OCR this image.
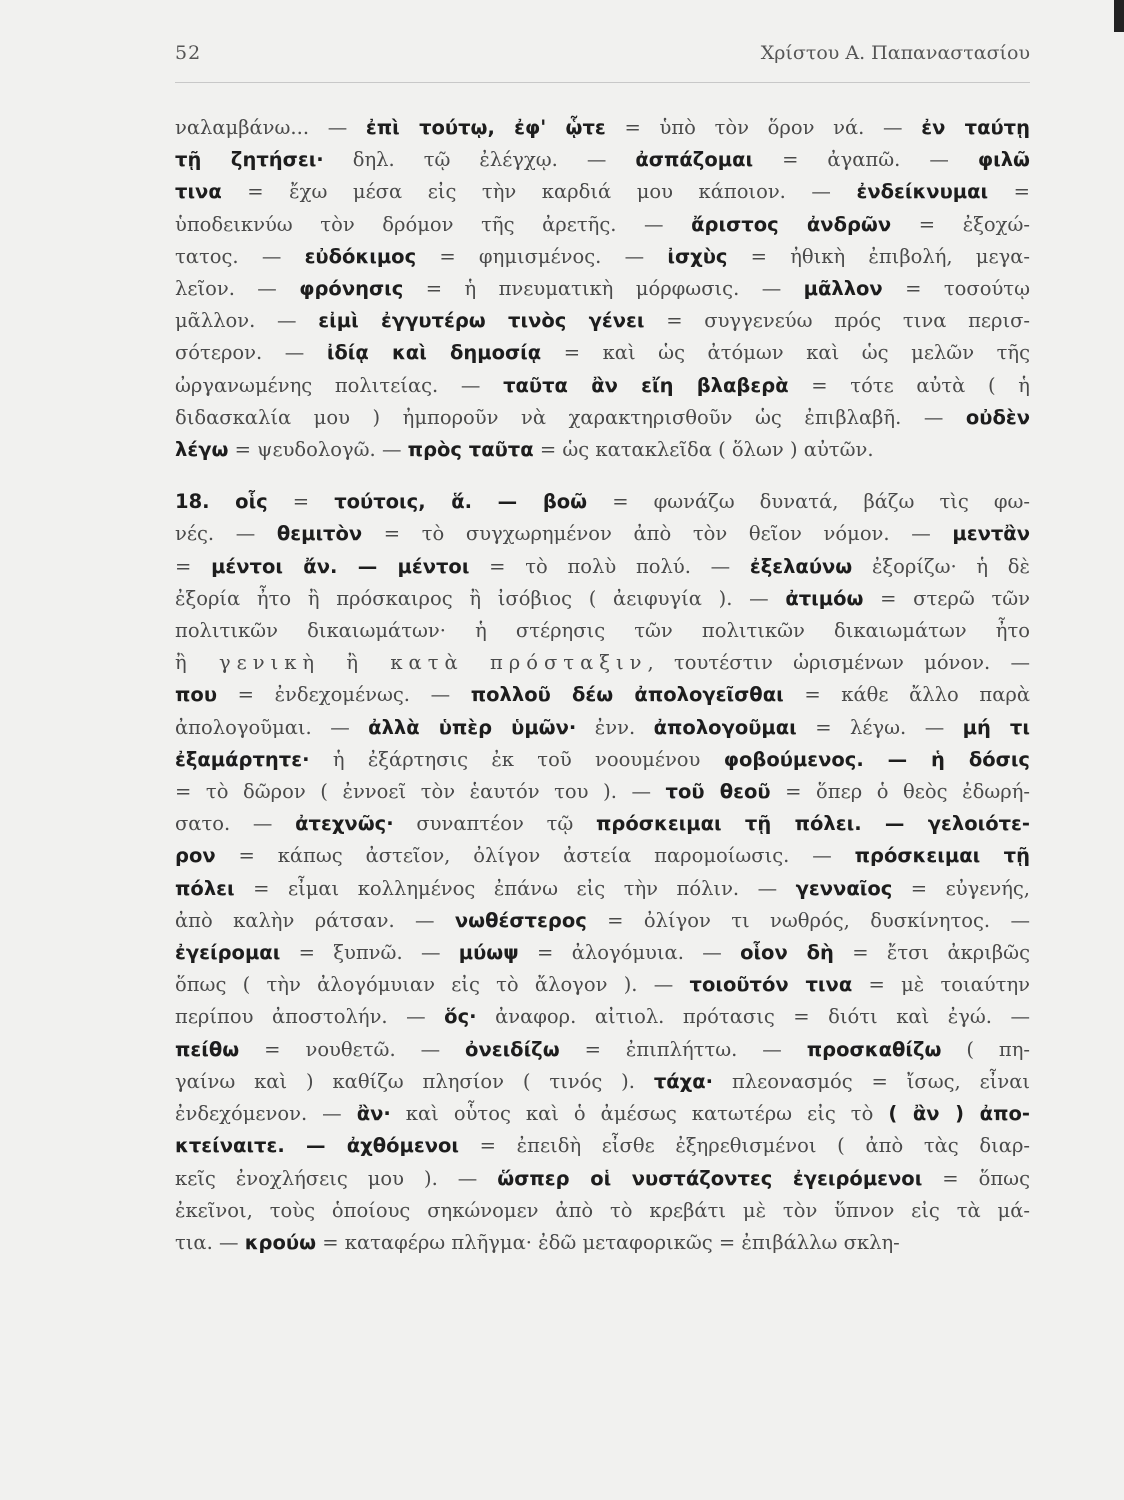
52	Χρίστου Α. Παπαναστασίου

ναλαμβάνω... — ἐπὶ τούτῳ, ἐφ' ᾧτε = ὑπὸ τὸν ὅρον νά. — ἐν ταύτῃ
τῇ ζητήσει· δηλ. τῷ ἐλέγχῳ. — ἀσπάζομαι = ἀγαπῶ. — φιλῶ
τινα = ἔχω μέσα εἰς τὴν καρδιά μου κάποιον. — ἐνδείκνυμαι =
ὑποδεικνύω τὸν δρόμον τῆς ἀρετῆς. — ἄριστος ἀνδρῶν = ἐξοχώ-
τατος. — εὐδόκιμος = φημισμένος. — ἰσχὺς = ἠθικὴ ἐπιβολή, μεγα-
λεῖον. — φρόνησις = ἡ πνευματικὴ μόρφωσις. — μᾶλλον = τοσούτῳ
μᾶλλον. — εἰμὶ ἐγγυτέρω τινὸς γένει = συγγενεύω πρός τινα περισ-
σότερον. — ἰδίᾳ καὶ δημοσίᾳ = καὶ ὡς ἀτόμων καὶ ὡς μελῶν τῆς
ὠργανωμένης πολιτείας. — ταῦτα ἂν εἴη βλαβερὰ = τότε αὐτὰ ( ἡ
διδασκαλία μου ) ἠμποροῦν νὰ χαρακτηρισθοῦν ὡς ἐπιβλαβῆ. — οὐδὲν
λέγω = ψευδολογῶ. — πρὸς ταῦτα = ὡς κατακλεῖδα ( ὅλων ) αὐτῶν.

18. οἷς = τούτοις, ἅ. — βοῶ = φωνάζω δυνατά, βάζω τὶς φω-
νές. — θεμιτὸν = τὸ συγχωρημένον ἀπὸ τὸν θεῖον νόμον. — μεντἂν
= μέντοι ἄν. — μέντοι = τὸ πολὺ πολύ. — ἐξελαύνω ἐξορίζω· ἡ δὲ
ἐξορία ἦτο ἢ πρόσκαιρος ἢ ἰσόβιος ( ἀειφυγία ). — ἀτιμόω = στερῶ τῶν
πολιτικῶν δικαιωμάτων· ἡ στέρησις τῶν πολιτικῶν δικαιωμάτων ἦτο
ἢ γενικὴ ἢ κατὰ πρόσταξιν, τουτέστιν ὡρισμένων μόνον. —
που = ἐνδεχομένως. — πολλοῦ δέω ἀπολογεῖσθαι = κάθε ἄλλο παρὰ
ἀπολογοῦμαι. — ἀλλὰ ὑπὲρ ὑμῶν· ἐνν. ἀπολογοῦμαι = λέγω. — μή τι
ἐξαμάρτητε· ἡ ἐξάρτησις ἐκ τοῦ νοουμένου φοβούμενος. — ἡ δόσις
= τὸ δῶρον ( ἐννοεῖ τὸν ἑαυτόν του ). — τοῦ θεοῦ = ὅπερ ὁ θεὸς ἐδωρή-
σατο. — ἀτεχνῶς· συναπτέον τῷ πρόσκειμαι τῇ πόλει. — γελοιότε-
ρον = κάπως ἀστεῖον, ὀλίγον ἀστεία παρομοίωσις. — πρόσκειμαι τῇ
πόλει = εἶμαι κολλημένος ἐπάνω εἰς τὴν πόλιν. — γενναῖος = εὐγενής,
ἀπὸ καλὴν ράτσαν. — νωθέστερος = ὀλίγον τι νωθρός, δυσκίνητος. —
ἐγείρομαι = ξυπνῶ. — μύωψ = ἀλογόμυια. — οἷον δὴ = ἔτσι ἀκριβῶς
ὅπως ( τὴν ἀλογόμυιαν εἰς τὸ ἄλογον ). — τοιοῦτόν τινα = μὲ τοιαύτην
περίπου ἀποστολήν. — ὅς· ἀναφορ. αἰτιολ. πρότασις = διότι καὶ ἐγώ. —
πείθω = νουθετῶ. — ὀνειδίζω = ἐπιπλήττω. — προσκαθίζω ( πη-
γαίνω καὶ ) καθίζω πλησίον ( τινός ). τάχα· πλεονασμός = ἴσως, εἶναι
ἐνδεχόμενον. — ἂν· καὶ οὗτος καὶ ὁ ἀμέσως κατωτέρω εἰς τὸ ( ἂν ) ἀπο-
κτείναιτε. — ἀχθόμενοι = ἐπειδὴ εἶσθε ἐξηρεθισμένοι ( ἀπὸ τὰς διαρ-
κεῖς ἐνοχλήσεις μου ). — ὥσπερ οἱ νυστάζοντες ἐγειρόμενοι = ὅπως
ἐκεῖνοι, τοὺς ὁποίους σηκώνομεν ἀπὸ τὸ κρεβάτι μὲ τὸν ὕπνον εἰς τὰ μά-
τια. — κρούω = καταφέρω πλῆγμα· ἐδῶ μεταφορικῶς = ἐπιβάλλω σκλη-
